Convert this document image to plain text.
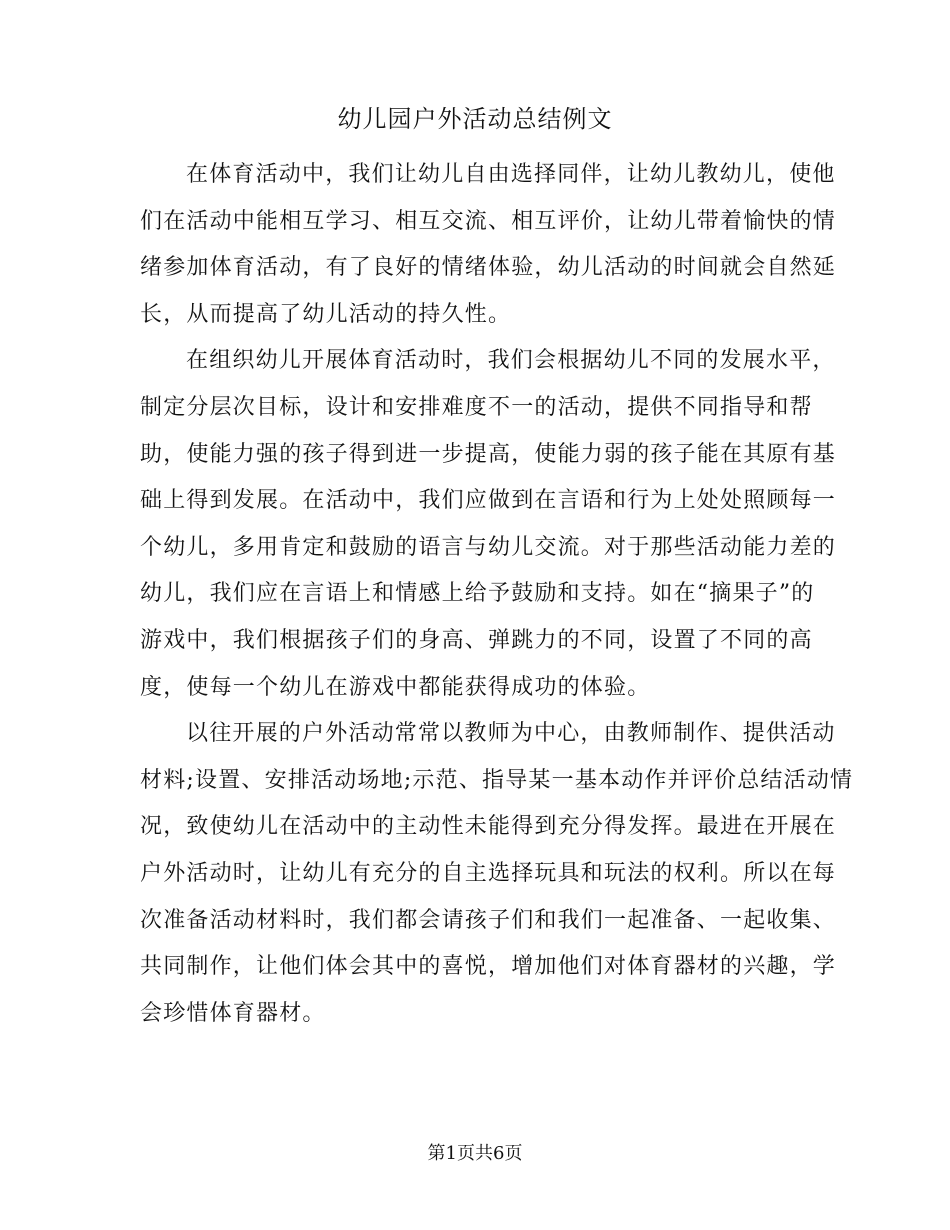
幼儿园户外活动总结例文

在体育活动中，我们让幼儿自由选择同伴，让幼儿教幼儿，使他
们在活动中能相互学习、相互交流、相互评价，让幼儿带着愉快的情
绪参加体育活动，有了良好的情绪体验，幼儿活动的时间就会自然延
长，从而提高了幼儿活动的持久性。

在组织幼儿开展体育活动时，我们会根据幼儿不同的发展水平，
制定分层次目标，设计和安排难度不一的活动，提供不同指导和帮
助，使能力强的孩子得到进一步提高，使能力弱的孩子能在其原有基
础上得到发展。在活动中，我们应做到在言语和行为上处处照顾每一
个幼儿，多用肯定和鼓励的语言与幼儿交流。对于那些活动能力差的
幼儿，我们应在言语上和情感上给予鼓励和支持。如在“摘果子”的
游戏中，我们根据孩子们的身高、弹跳力的不同，设置了不同的高
度，使每一个幼儿在游戏中都能获得成功的体验。

以往开展的户外活动常常以教师为中心，由教师制作、提供活动
材料;设置、安排活动场地;示范、指导某一基本动作并评价总结活动情
况，致使幼儿在活动中的主动性未能得到充分得发挥。最进在开展在
户外活动时，让幼儿有充分的自主选择玩具和玩法的权利。所以在每
次准备活动材料时，我们都会请孩子们和我们一起准备、一起收集、
共同制作，让他们体会其中的喜悦，增加他们对体育器材的兴趣，学
会珍惜体育器材。

第1页共6页
